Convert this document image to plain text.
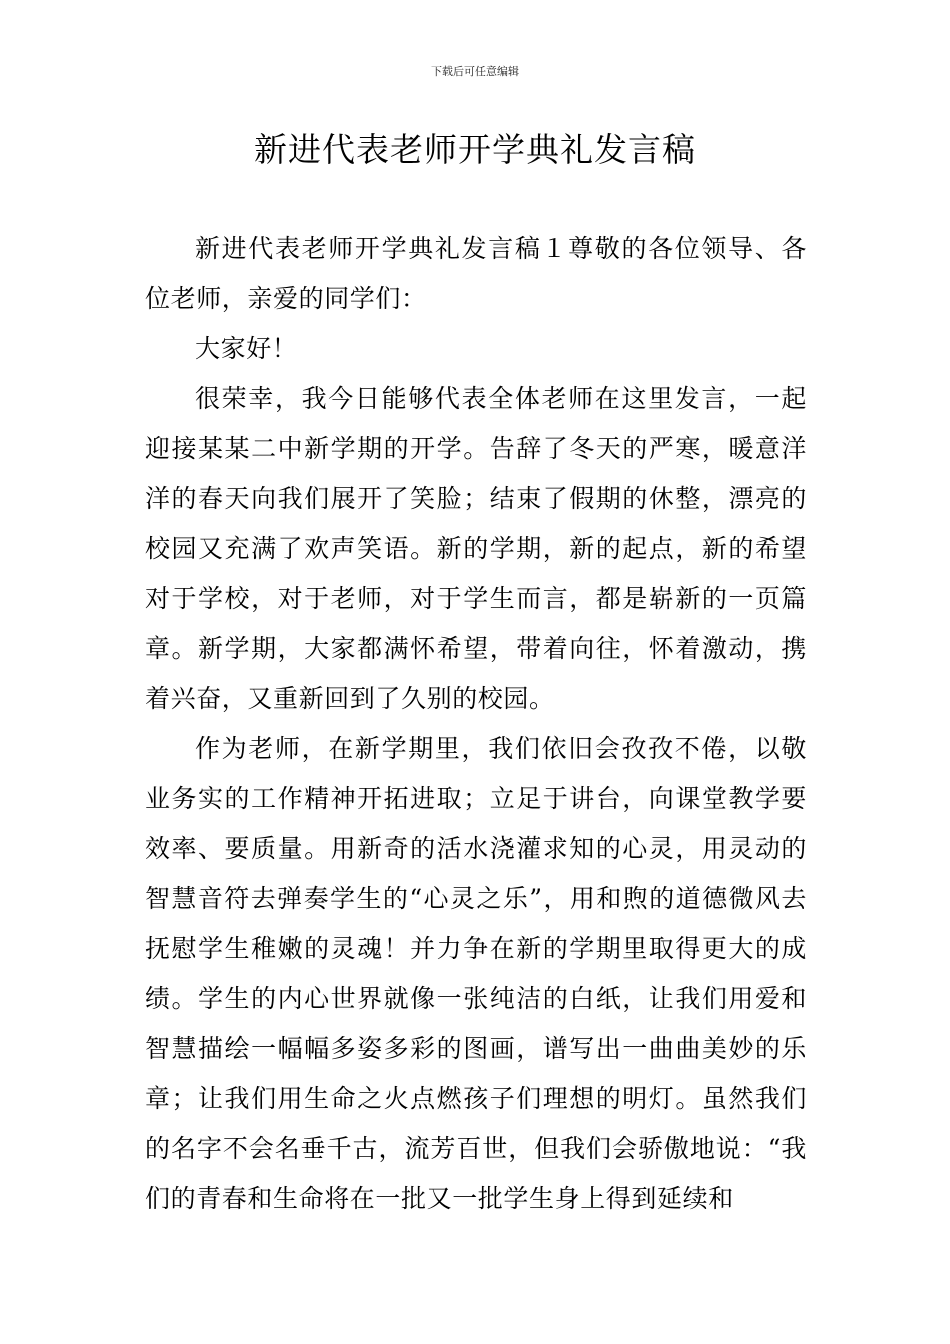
下载后可任意编辑
新进代表老师开学典礼发言稿

新进代表老师开学典礼发言稿１尊敬的各位领导、各位老师，亲爱的同学们：

大家好！

很荣幸，我今日能够代表全体老师在这里发言，一起迎接某某二中新学期的开学。告辞了冬天的严寒，暖意洋洋的春天向我们展开了笑脸；结束了假期的休整，漂亮的校园又充满了欢声笑语。新的学期，新的起点，新的希望对于学校，对于老师，对于学生而言，都是崭新的一页篇章。新学期，大家都满怀希望，带着向往，怀着激动，携着兴奋，又重新回到了久别的校园。

作为老师，在新学期里，我们依旧会孜孜不倦，以敬业务实的工作精神开拓进取；立足于讲台，向课堂教学要效率、要质量。用新奇的活水浇灌求知的心灵，用灵动的智慧音符去弹奏学生的“心灵之乐”，用和煦的道德微风去抚慰学生稚嫩的灵魂！并力争在新的学期里取得更大的成绩。学生的内心世界就像一张纯洁的白纸，让我们用爱和智慧描绘一幅幅多姿多彩的图画，谱写出一曲曲美妙的乐章；让我们用生命之火点燃孩子们理想的明灯。虽然我们的名字不会名垂千古，流芳百世，但我们会骄傲地说：“我们的青春和生命将在一批又一批学生身上得到延续和
